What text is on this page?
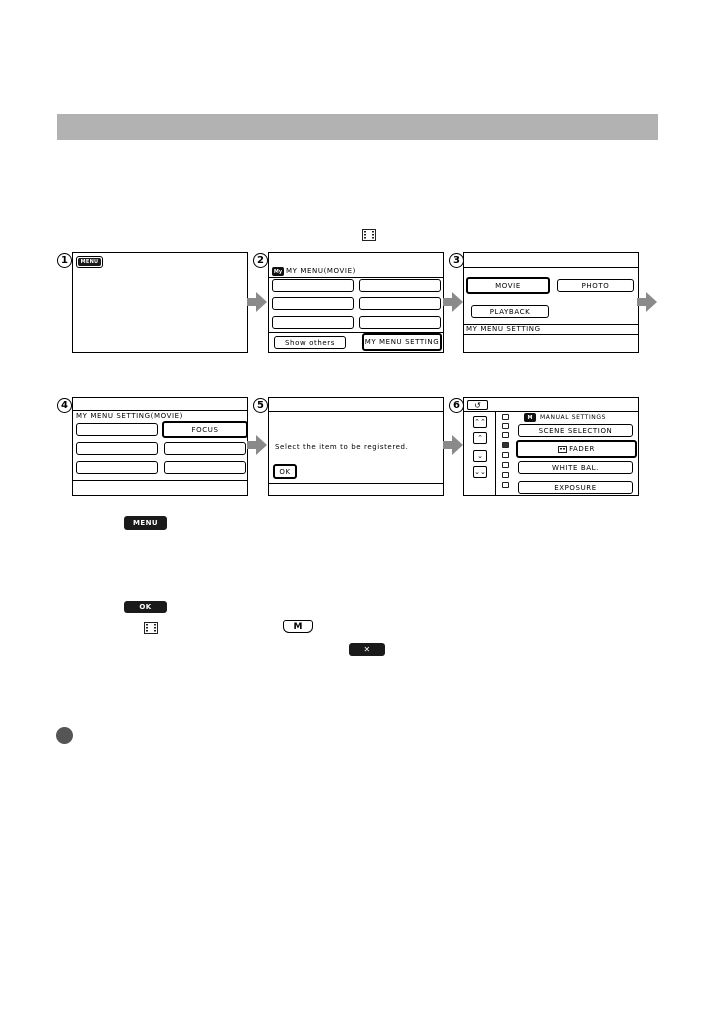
1	MENU	2
My MY MENU(MOVIE)
Show others	MY MENU SETTING
3
MOVIE	PHOTO
PLAYBACK
MY MENU SETTING
4
MY MENU SETTING(MOVIE)
FOCUS
5
Select the item to be registered.
OK
6	↺
⌃⌃
⌃
⌄
⌄⌄
M	MANUAL SETTINGS
SCENE SELECTION
FADER
WHITE BAL.
EXPOSURE
MENU
OK
M
✕
